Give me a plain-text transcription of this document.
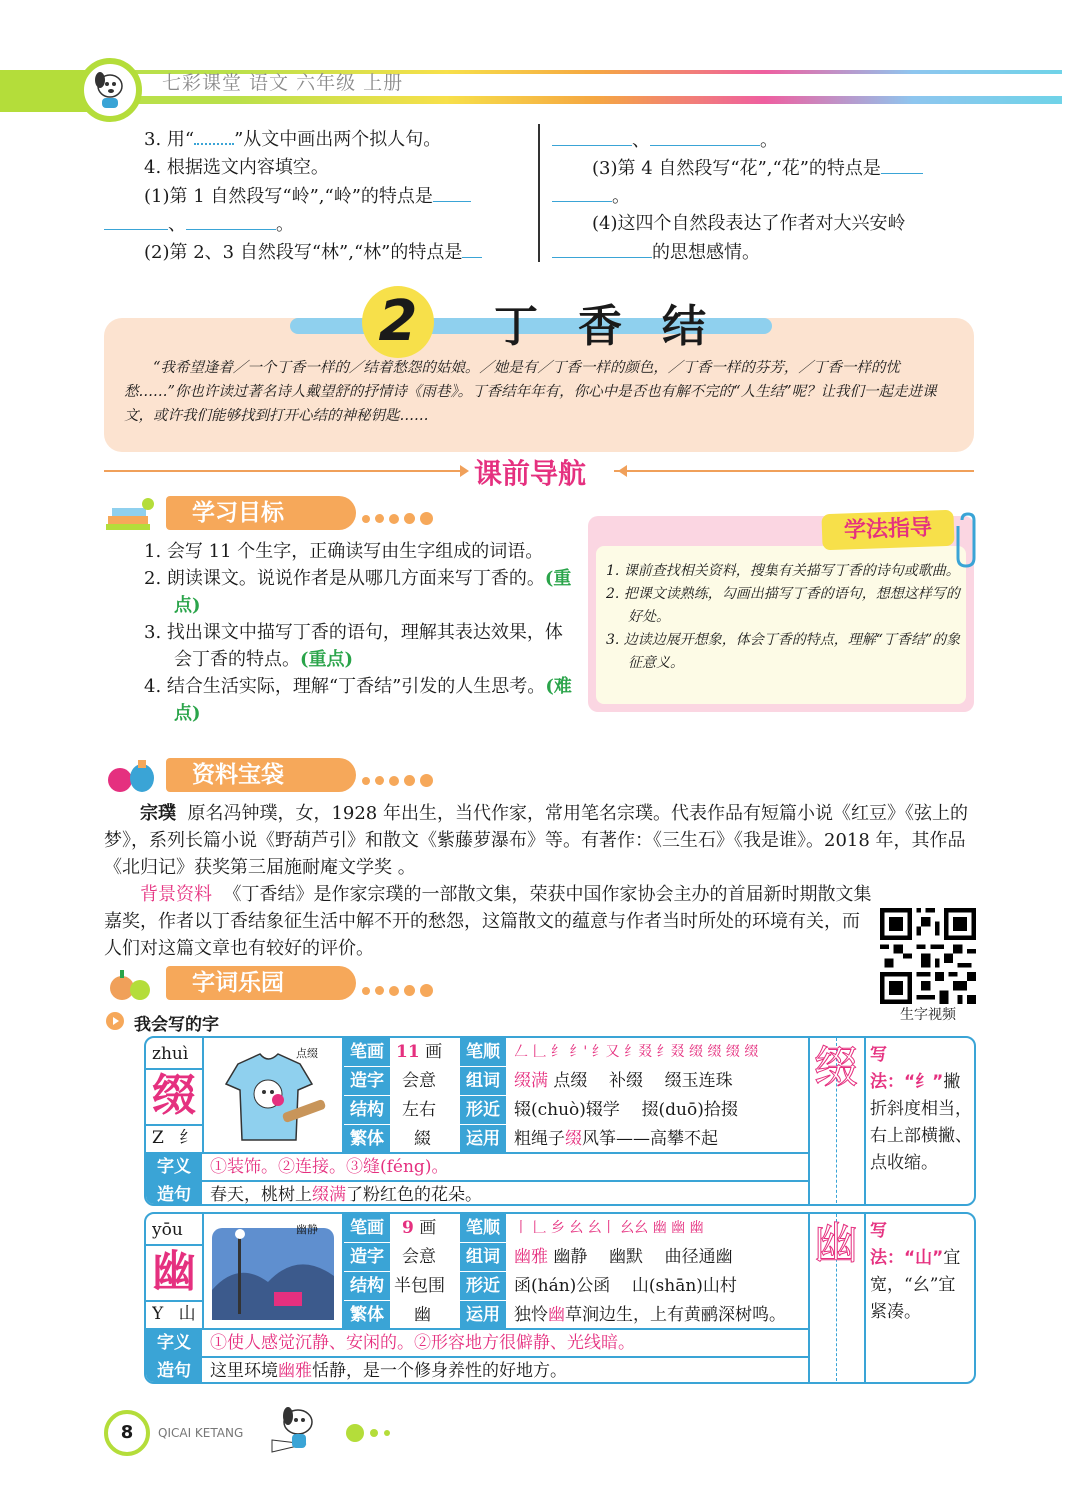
七彩课堂 语文 六年级 上册
3. 用“ ”从文中画出两个拟人句。
4. 根据选文内容填空。
(1)第 1 自然段写“岭”,“岭”的特点是
、	。
(2)第 2、3 自然段写“林”,“林”的特点是
、	。
(3)第 4 自然段写“花”,“花”的特点是
。
(4)这四个自然段表达了作者对大兴安岭
的思想感情。
2	丁香结
“我希望逢着／一个丁香一样的／结着愁怨的姑娘。／她是有／丁香一样的颜色，／丁香一样的芬芳，／丁香一样的忧愁……”你也许读过著名诗人戴望舒的抒情诗《雨巷》。丁香结年年有，你心中是否也有解不完的“人生结”呢？让我们一起走进课文，或许我们能够找到打开心结的神秘钥匙……
课前导航
学习目标
1. 会写 11 个生字，正确读写由生字组成的词语。
2. 朗读课文。说说作者是从哪几方面来写丁香的。(重点)
3. 找出课文中描写丁香的语句，理解其表达效果，体会丁香的特点。(重点)
4. 结合生活实际，理解“丁香结”引发的人生思考。(难点)
学法指导
1. 课前查找相关资料，搜集有关描写丁香的诗句或歌曲。
2. 把课文读熟练，勾画出描写丁香的语句，想想这样写的好处。
3. 边读边展开想象，体会丁香的特点，理解“丁香结”的象征意义。
资料宝袋

宗璞 原名冯钟璞，女，1928 年出生，当代作家，常用笔名宗璞。代表作品有短篇小说《红豆》《弦上的梦》，系列长篇小说《野葫芦引》和散文《紫藤萝瀑布》等。有著作：《三生石》《我是谁》。2018 年，其作品《北归记》获奖第三届施耐庵文学奖 。

背景资料 《丁香结》是作家宗璞的一部散文集，荣获中国作家协会主办的首届新时期散文集嘉奖，作者以丁香结象征生活中解不开的愁怨，这篇散文的蕴意与作者当时所处的环境有关，而人们对这篇文章也有较好的评价。

生字视频
字词乐园
我会写的字
zhuì
缀
Z 纟
点缀	笔画 11 画	笔顺	𠃋 𠃊 纟 纟' 纟又 纟叕 纟叕 缀 缀 缀 缀
造字	会意	组词 缀满 点缀    补缀    缀玉连珠
结构	左右	形近 辍(chuò)辍学    掇(duō)拾掇
繁体	綴	运用 粗绳子缀风筝——高攀不起
字义	①装饰。②连接。③缝(féng)。
造句	春天，桃树上缀满了粉红色的花朵。
缀 写法：“纟”撇折斜度相当，右上部横撇、点收缩。
yōu
幽
Y 山
幽静	笔画	9 画	笔顺	丨 𠃊 乡 幺 幺丨 幺幺 幽 幽 幽
造字	会意	组词 幽雅 幽静    幽默    曲径通幽
结构 半包围	形近 函(hán)公函    山(shān)山村
繁体	幽	运用 独怜幽草涧边生，上有黄鹂深树鸣。
字义	①使人感觉沉静、安闲的。②形容地方很僻静、光线暗。
造句	这里环境幽雅恬静，是一个修身养性的好地方。
幽 写法：“山”宜宽，“幺”宜紧凑。
8	QICAI KETANG
